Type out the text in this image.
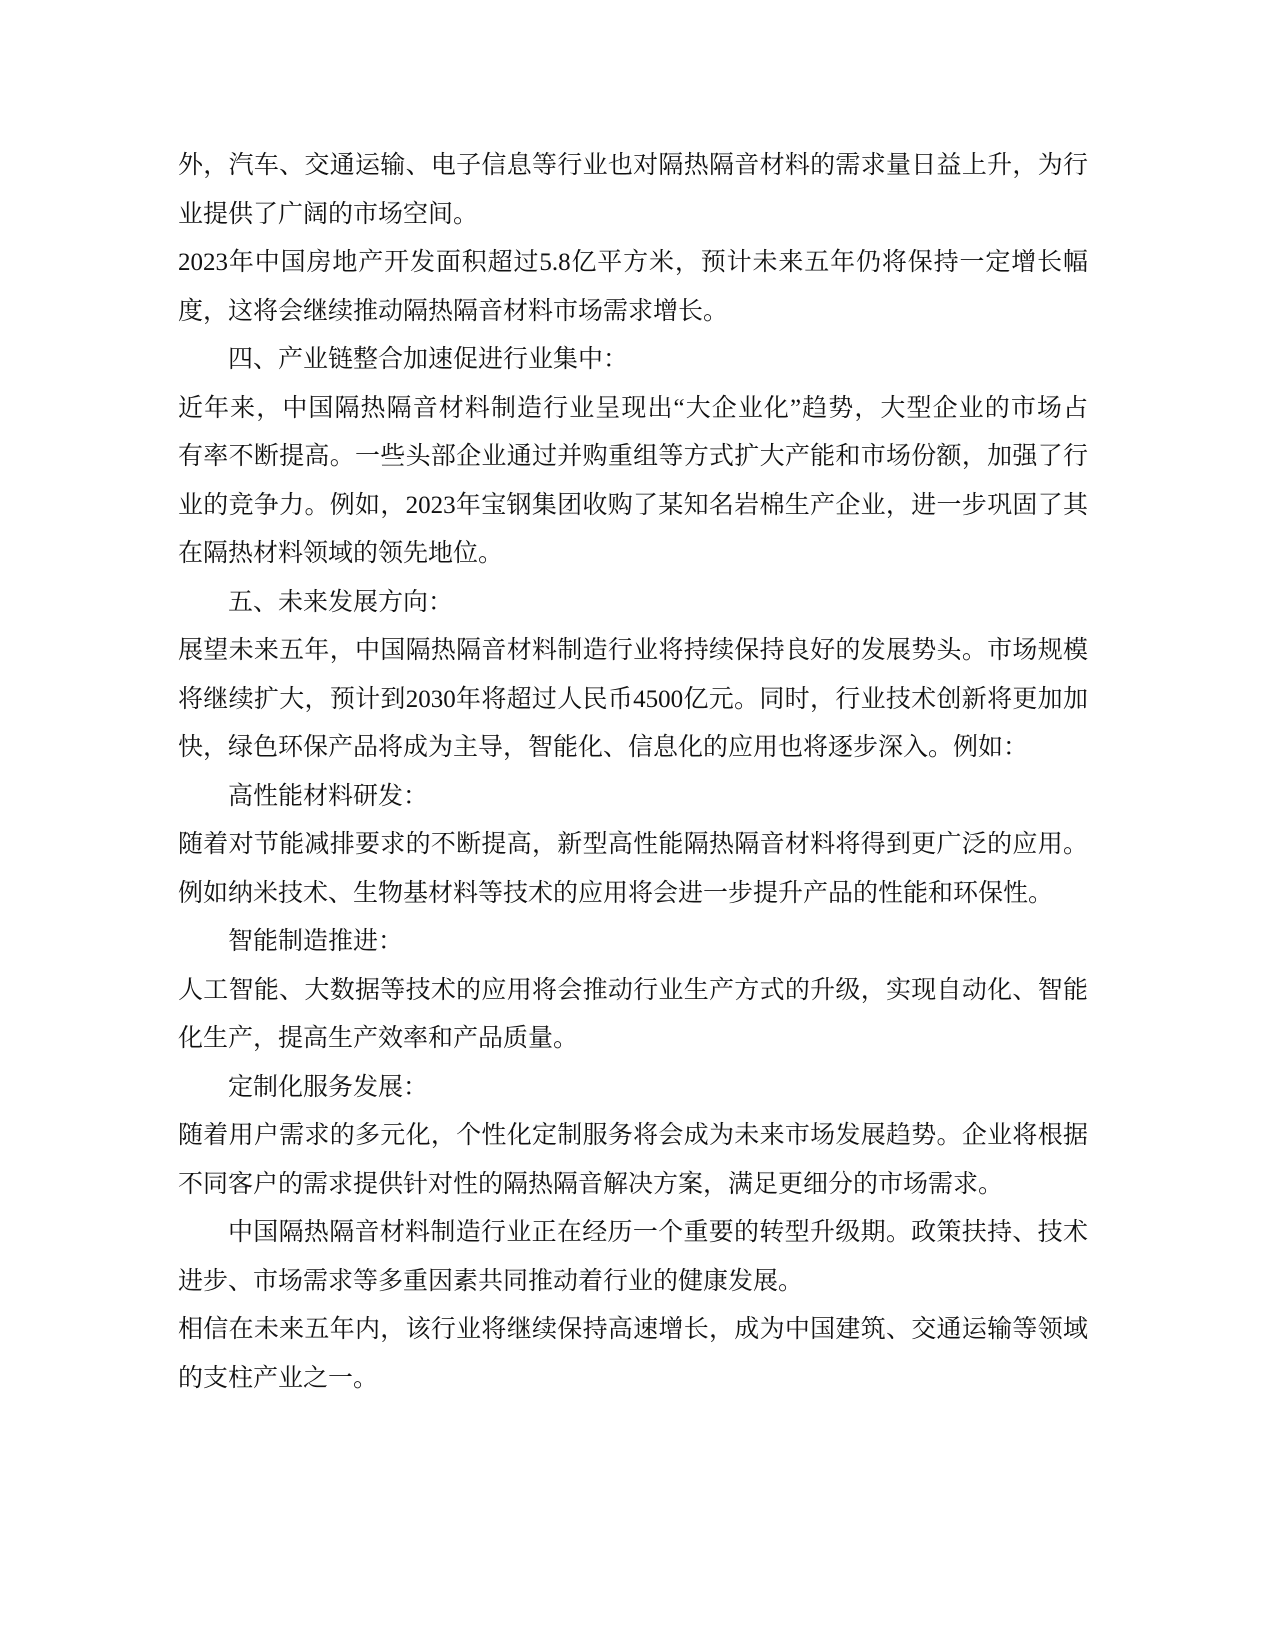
外，汽车、交通运输、电子信息等行业也对隔热隔音材料的需求量日益上升，为行
业提供了广阔的市场空间。
2023年中国房地产开发面积超过5.8亿平方米，预计未来五年仍将保持一定增长幅
度，这将会继续推动隔热隔音材料市场需求增长。
四、产业链整合加速促进行业集中：
近年来，中国隔热隔音材料制造行业呈现出“大企业化”趋势，大型企业的市场占
有率不断提高。一些头部企业通过并购重组等方式扩大产能和市场份额，加强了行
业的竞争力。例如，2023年宝钢集团收购了某知名岩棉生产企业，进一步巩固了其
在隔热材料领域的领先地位。
五、未来发展方向：
展望未来五年，中国隔热隔音材料制造行业将持续保持良好的发展势头。市场规模
将继续扩大，预计到2030年将超过人民币4500亿元。同时，行业技术创新将更加加
快，绿色环保产品将成为主导，智能化、信息化的应用也将逐步深入。例如：
高性能材料研发：
随着对节能减排要求的不断提高，新型高性能隔热隔音材料将得到更广泛的应用。
例如纳米技术、生物基材料等技术的应用将会进一步提升产品的性能和环保性。
智能制造推进：
人工智能、大数据等技术的应用将会推动行业生产方式的升级，实现自动化、智能
化生产，提高生产效率和产品质量。
定制化服务发展：
随着用户需求的多元化，个性化定制服务将会成为未来市场发展趋势。企业将根据
不同客户的需求提供针对性的隔热隔音解决方案，满足更细分的市场需求。
中国隔热隔音材料制造行业正在经历一个重要的转型升级期。政策扶持、技术
进步、市场需求等多重因素共同推动着行业的健康发展。
相信在未来五年内，该行业将继续保持高速增长，成为中国建筑、交通运输等领域
的支柱产业之一。
